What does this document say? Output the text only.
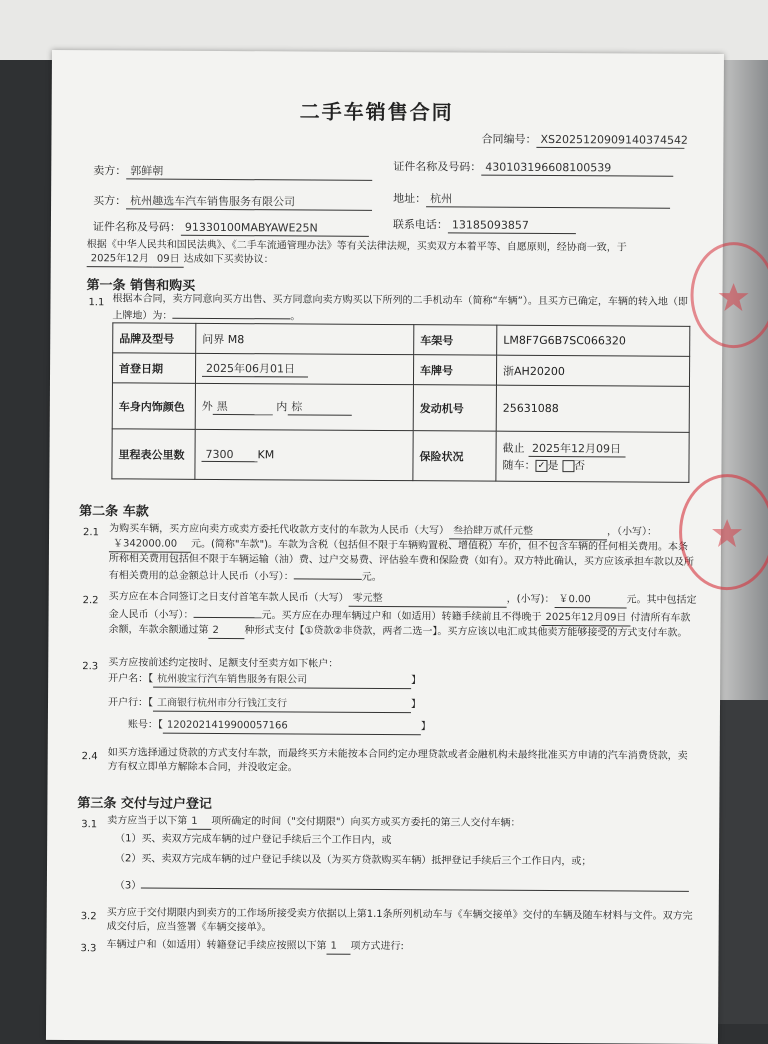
二手车销售合同
合同编号： XS2025120909140374542
卖方： 郭鲜朝	证件名称及号码： 430103196608100539
买方： 杭州趣选车汽车销售服务有限公司	地址： 杭州
证件名称及号码： 91330100MABYAWE25N	联系电话： 13185093857
根据《中华人民共和国民法典》、《二手车流通管理办法》等有关法律法规，买卖双方本着平等、自愿原则，经协商一致，于2025年12月 09日 达成如下买卖协议：
第一条 销售和购买
1.1 根据本合同，卖方同意向买方出售、买方同意向卖方购买以下所列的二手机动车（简称“车辆”）。且买方已确定，车辆的转入地（即上牌地）为：	。
品牌及型号	问界 M8	车架号	LM8F7G6B7SC066320
首登日期	2025年06月01日	车牌号	浙AH20200
车身内饰颜色	外 黑 内 棕	发动机号	25631088
里程表公里数	7300 KM	保险状况	截止 2025年12月09日
随车： ✓ 是 否
第二条 车款
2.1 为购买车辆，买方应向卖方或卖方委托代收款方支付的车款为人民币（大写） 叁拾肆万贰仟元整	，（小写）：￥342000.00 元。(简称"车款")。车款为含税（包括但不限于车辆购置税、增值税）车价，但不包含车辆的任何相关费用。本条所称相关费用包括但不限于车辆运输（油）费、过户交易费、评估验车费和保险费（如有）。双方特此确认，买方应该承担车款以及所有相关费用的总金额总计人民币（小写）：	元。
2.2 买方应在本合同签订之日支付首笔车款人民币（大写） 零元整	，(小写)： ￥0.00	元。其中包括定金人民币（小写）：	元。买方应在办理车辆过户和（如适用）转籍手续前且不得晚于 2025年12月09日 付清所有车款余额，车款余额通过第 2	种形式支付【①贷款②非贷款，两者二选一】。买方应该以电汇或其他卖方能够接受的方式支付车款。
2.3 买方应按前述约定按时、足额支付至卖方如下帐户：
开户名：【 杭州骏宝行汽车销售服务有限公司	】
开户行：【 工商银行杭州市分行钱江支行	】
账号：【 1202021419900057166	】
2.4 如买方选择通过贷款的方式支付车款，而最终买方未能按本合同约定办理贷款或者金融机构未最终批准买方申请的汽车消费贷款，卖方有权立即单方解除本合同，并没收定金。
第三条 交付与过户登记
3.1 卖方应当于以下第 1 项所确定的时间（"交付期限"）向买方或买方委托的第三人交付车辆：
（1）买、卖双方完成车辆的过户登记手续后三个工作日内，或
（2）买、卖双方完成车辆的过户登记手续以及（为买方贷款购买车辆）抵押登记手续后三个工作日内，或；
（3）
3.2 买方应于交付期限内到卖方的工作场所接受卖方依据以上第1.1条所列机动车与《车辆交接单》交付的车辆及随车材料与文件。双方完成交付后，应当签署《车辆交接单》。
3.3 车辆过户和（如适用）转籍登记手续应按照以下第 1 项方式进行:
